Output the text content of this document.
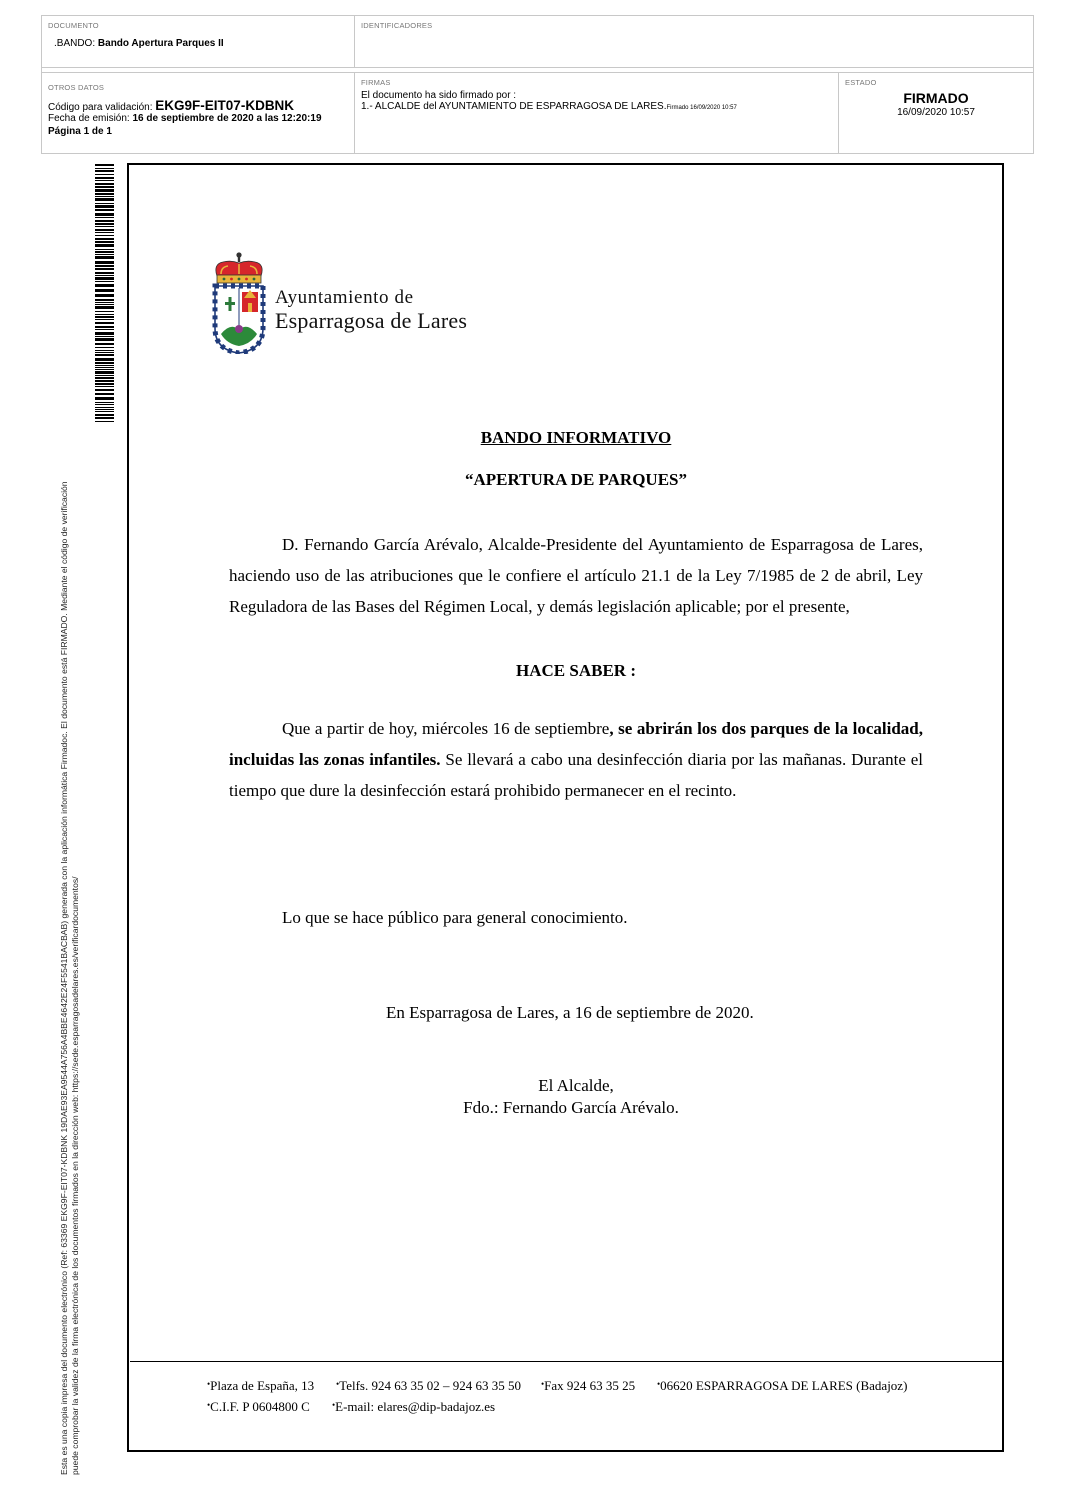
DOCUMENTO
.BANDO: Bando Apertura Parques II
IDENTIFICADORES
OTROS DATOS
Código para validación: EKG9F-EIT07-KDBNK
Fecha de emisión: 16 de septiembre de 2020 a las 12:20:19
Página 1 de 1
FIRMAS
El documento ha sido firmado por :
1.- ALCALDE del AYUNTAMIENTO DE ESPARRAGOSA DE LARES.Firmado 16/09/2020 10:57
ESTADO
FIRMADO
16/09/2020 10:57
Esta es una copia impresa del documento electrónico (Ref: 63369 EKG9F-EIT07-KDBNK 19DAE93EA9544A756A4BBE4642E24F5541BACBAB) generada con la aplicación informática Firmadoc. El documento está FIRMADO. Mediante el código de verificación puede comprobar la validez de la firma electrónica de los documentos firmados en la dirección web: https://sede.esparragosadelares.es/verificardocumentos/
Ayuntamiento de
Esparragosa de Lares
BANDO INFORMATIVO
“APERTURA DE PARQUES”
D. Fernando García Arévalo, Alcalde-Presidente del Ayuntamiento de Esparragosa de Lares, haciendo uso de las atribuciones que le confiere el artículo 21.1 de la Ley 7/1985 de 2 de abril, Ley Reguladora de las Bases del Régimen Local, y demás legislación aplicable; por el presente,
HACE SABER :
Que a partir de hoy, miércoles 16 de septiembre, se abrirán los dos parques de la localidad, incluidas las zonas infantiles. Se llevará a cabo una desinfección diaria por las mañanas. Durante el tiempo que dure la desinfección estará prohibido permanecer en el recinto.
Lo que se hace público para general conocimiento.
En Esparragosa de Lares, a 16 de septiembre de 2020.
El Alcalde,
Fdo.: Fernando García Arévalo.
•Plaza de España, 13 •Telfs. 924 63 35 02 – 924 63 35 50 •Fax 924 63 35 25 •06620 ESPARRAGOSA DE LARES (Badajoz)
•C.I.F. P 0604800 C •E-mail: elares@dip-badajoz.es
